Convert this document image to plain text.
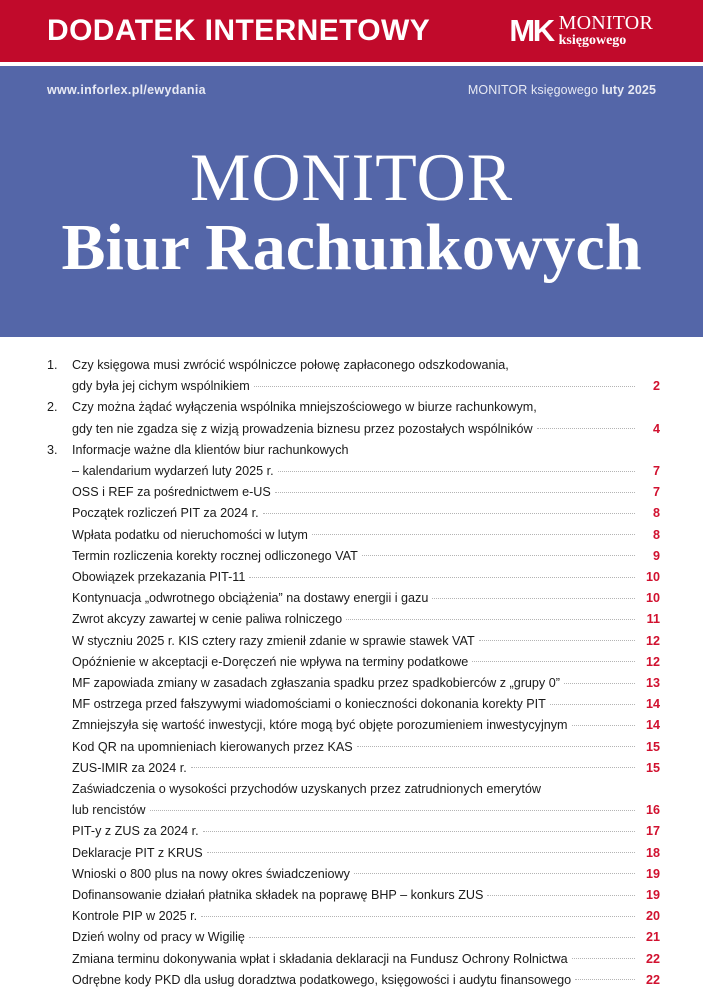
DODATEK INTERNETOWY	MK MONITOR
księgowego
www.inforlex.pl/ewydania	MONITOR księgowego luty 2025
MONITOR
Biur Rachunkowych
1.	Czy księgowa musi zwrócić wspólniczce połowę zapłaconego odszkodowania,
gdy była jej cichym wspólnikiem	2
2.	Czy można żądać wyłączenia wspólnika mniejszościowego w biurze rachunkowym,
gdy ten nie zgadza się z wizją prowadzenia biznesu przez pozostałych wspólników	4
3.	Informacje ważne dla klientów biur rachunkowych
– kalendarium wydarzeń luty 2025 r.	7
OSS i REF za pośrednictwem e-US	7
Początek rozliczeń PIT za 2024 r.	8
Wpłata podatku od nieruchomości w lutym	8
Termin rozliczenia korekty rocznej odliczonego VAT	9
Obowiązek przekazania PIT-11	10
Kontynuacja „odwrotnego obciążenia” na dostawy energii i gazu	10
Zwrot akcyzy zawartej w cenie paliwa rolniczego	11
W styczniu 2025 r. KIS cztery razy zmienił zdanie w sprawie stawek VAT	12
Opóźnienie w akceptacji e-Doręczeń nie wpływa na terminy podatkowe	12
MF zapowiada zmiany w zasadach zgłaszania spadku przez spadkobierców z „grupy 0”	13
MF ostrzega przed fałszywymi wiadomościami o konieczności dokonania korekty PIT	14
Zmniejszyła się wartość inwestycji, które mogą być objęte porozumieniem inwestycyjnym	14
Kod QR na upomnieniach kierowanych przez KAS	15
ZUS-IMIR za 2024 r.	15
Zaświadczenia o wysokości przychodów uzyskanych przez zatrudnionych emerytów
lub rencistów	16
PIT-y z ZUS za 2024 r.	17
Deklaracje PIT z KRUS	18
Wnioski o 800 plus na nowy okres świadczeniowy	19
Dofinansowanie działań płatnika składek na poprawę BHP – konkurs ZUS	19
Kontrole PIP w 2025 r.	20
Dzień wolny od pracy w Wigilię	21
Zmiana terminu dokonywania wpłat i składania deklaracji na Fundusz Ochrony Rolnictwa	22
Odrębne kody PKD dla usług doradztwa podatkowego, księgowości i audytu finansowego	22
